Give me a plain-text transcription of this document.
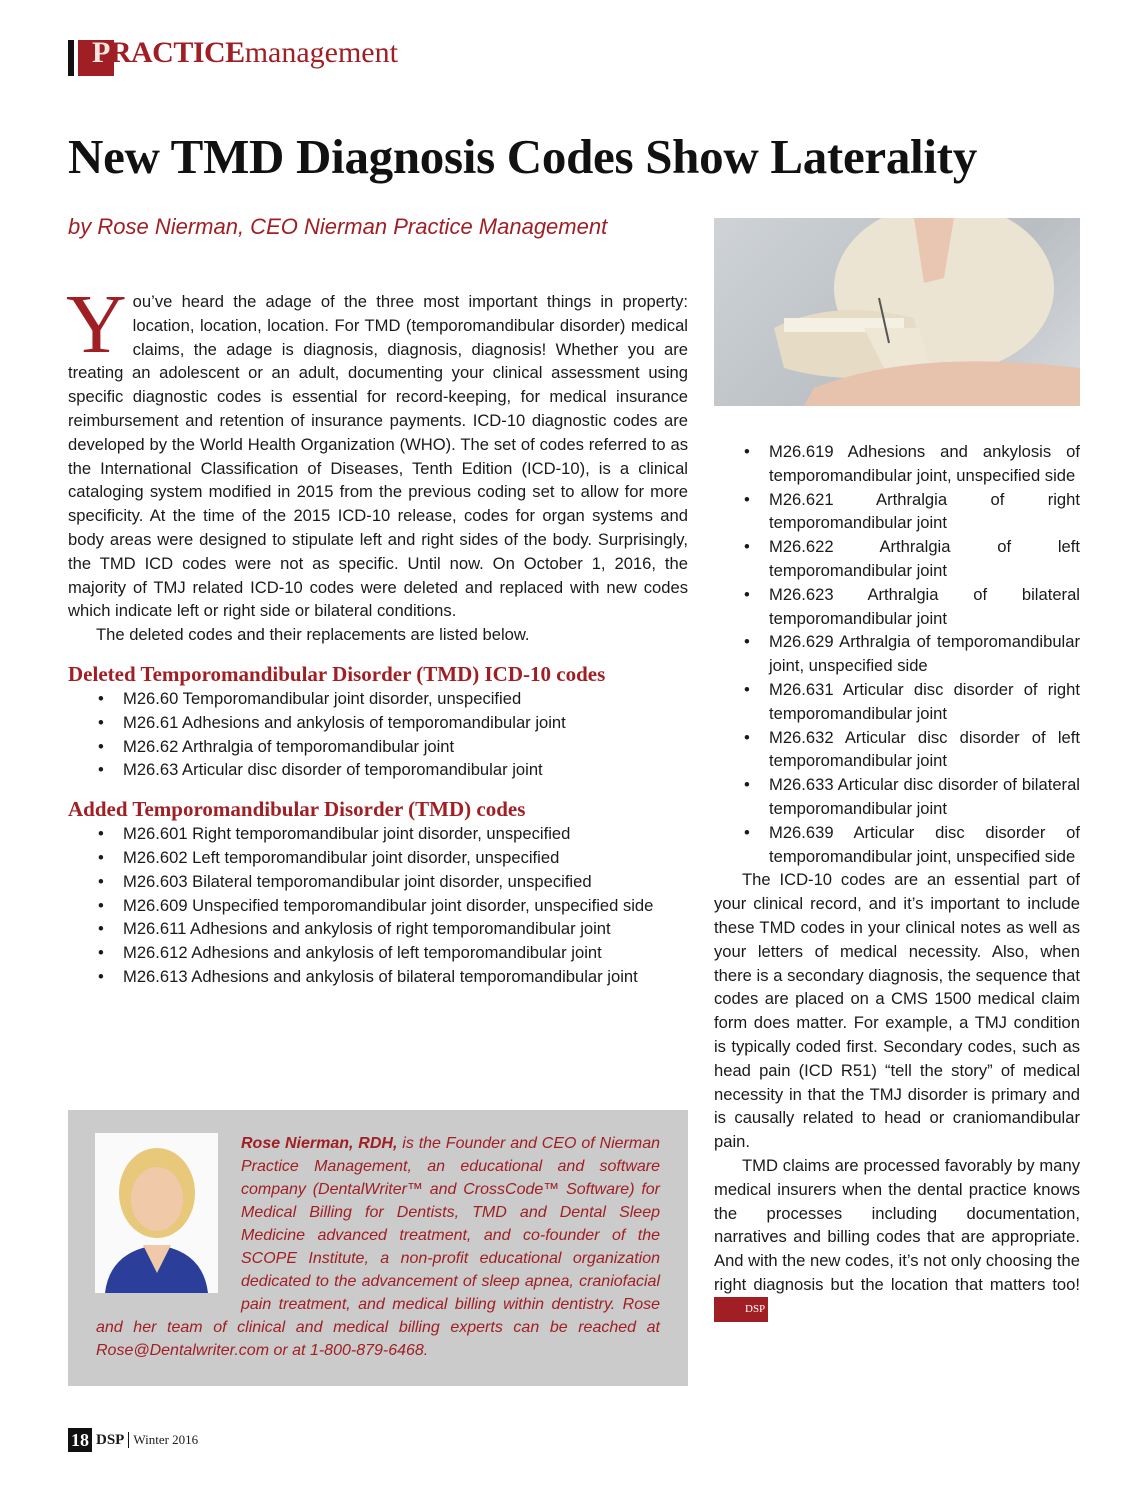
PRACTICEmanagement
New TMD Diagnosis Codes Show Laterality
by Rose Nierman, CEO Nierman Practice Management

You’ve heard the adage of the three most important things in property: location, location, location. For TMD (temporomandibular disorder) medical claims, the adage is diagnosis, diagnosis, diagnosis! Whether you are treating an adolescent or an adult, documenting your clinical assessment using specific diagnostic codes is essential for record-keeping, for medical insurance reimbursement and retention of insurance payments. ICD-10 diagnostic codes are developed by the World Health Organization (WHO). The set of codes referred to as the International Classification of Diseases, Tenth Edition (ICD-10), is a clinical cataloging system modified in 2015 from the previous coding set to allow for more specificity. At the time of the 2015 ICD-10 release, codes for organ systems and body areas were designed to stipulate left and right sides of the body. Surprisingly, the TMD ICD codes were not as specific. Until now. On October 1, 2016, the majority of TMJ related ICD-10 codes were deleted and replaced with new codes which indicate left or right side or bilateral conditions.

The deleted codes and their replacements are listed below.

Deleted Temporomandibular Disorder (TMD) ICD-10 codes
• M26.60 Temporomandibular joint disorder, unspecified
• M26.61 Adhesions and ankylosis of temporomandibular joint
• M26.62 Arthralgia of temporomandibular joint
• M26.63 Articular disc disorder of temporomandibular joint
Added Temporomandibular Disorder (TMD) codes
• M26.601 Right temporomandibular joint disorder, unspecified
• M26.602 Left temporomandibular joint disorder, unspecified
• M26.603 Bilateral temporomandibular joint disorder, unspecified
• M26.609 Unspecified temporomandibular joint disorder, unspecified side
• M26.611 Adhesions and ankylosis of right temporomandibular joint
• M26.612 Adhesions and ankylosis of left temporomandibular joint
• M26.613 Adhesions and ankylosis of bilateral temporomandibular joint
• M26.619 Adhesions and ankylosis of temporomandibular joint, unspecified side
• M26.621 Arthralgia of right temporomandibular joint
• M26.622 Arthralgia of left temporomandibular joint
• M26.623 Arthralgia of bilateral temporomandibular joint
• M26.629 Arthralgia of temporomandibular joint, unspecified side
• M26.631 Articular disc disorder of right temporomandibular joint
• M26.632 Articular disc disorder of left temporomandibular joint
• M26.633 Articular disc disorder of bilateral temporomandibular joint
• M26.639 Articular disc disorder of temporomandibular joint, unspecified side

The ICD-10 codes are an essential part of your clinical record, and it’s important to include these TMD codes in your clinical notes as well as your letters of medical necessity. Also, when there is a secondary diagnosis, the sequence that codes are placed on a CMS 1500 medical claim form does matter. For example, a TMJ condition is typically coded first. Secondary codes, such as head pain (ICD R51) “tell the story” of medical necessity in that the TMJ disorder is primary and is causally related to head or craniomandibular pain.

TMD claims are processed favorably by many medical insurers when the dental practice knows the processes including documentation, narratives and billing codes that are appropriate. And with the new codes, it’s not only choosing the right diagnosis but the location that matters too! DSP

Rose Nierman, RDH, is the Founder and CEO of Nierman Practice Management, an educational and software company (DentalWriter™ and CrossCode™ Software) for Medical Billing for Dentists, TMD and Dental Sleep Medicine advanced treatment, and co-founder of the SCOPE Institute, a non-profit educational organization dedicated to the advancement of sleep apnea, craniofacial pain treatment, and medical billing within dentistry. Rose and her team of clinical and medical billing experts can be reached at Rose@Dentalwriter.com or at 1-800-879-6468.
18 DSP Winter 2016
